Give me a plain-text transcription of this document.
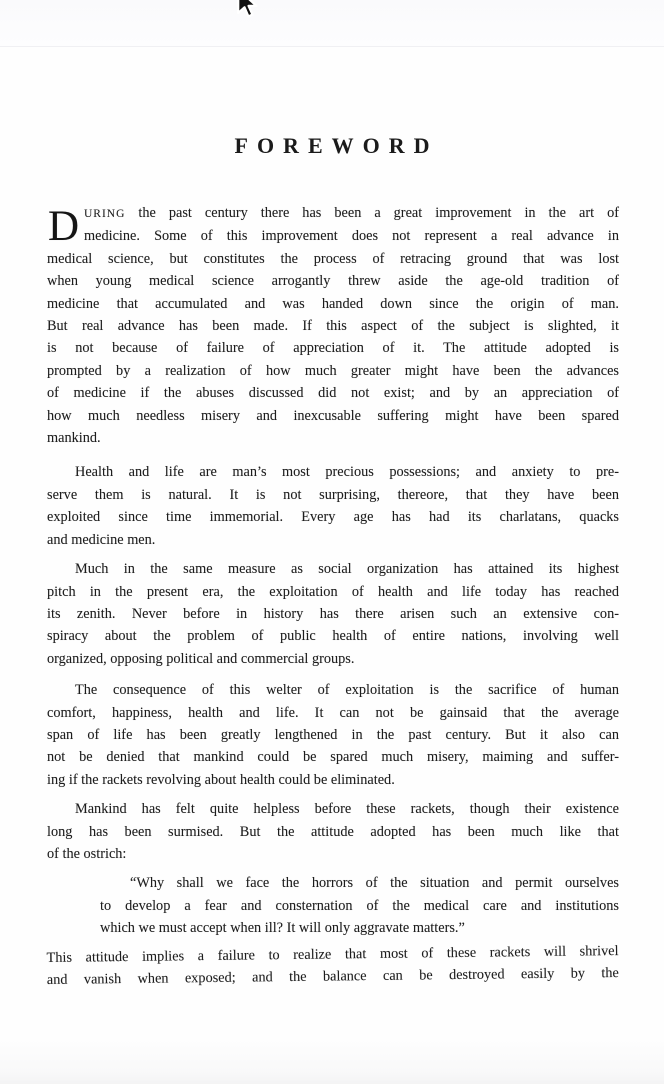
FOREWORD
D URING the past century there has been a great improvement in the art of
medicine. Some of this improvement does not represent a real advance in
medical science, but constitutes the process of retracing ground that was lost
when young medical science arrogantly threw aside the age-old tradition of
medicine that accumulated and was handed down since the origin of man.
But real advance has been made. If this aspect of the subject is slighted, it
is not because of failure of appreciation of it. The attitude adopted is
prompted by a realization of how much greater might have been the advances
of medicine if the abuses discussed did not exist; and by an appreciation of
how much needless misery and inexcusable suffering might have been spared
mankind.
Health and life are man’s most precious possessions; and anxiety to pre-
serve them is natural. It is not surprising, thereore, that they have been
exploited since time immemorial. Every age has had its charlatans, quacks
and medicine men.
Much in the same measure as social organization has attained its highest
pitch in the present era, the exploitation of health and life today has reached
its zenith. Never before in history has there arisen such an extensive con-
spiracy about the problem of public health of entire nations, involving well
organized, opposing political and commercial groups.
The consequence of this welter of exploitation is the sacrifice of human
comfort, happiness, health and life. It can not be gainsaid that the average
span of life has been greatly lengthened in the past century. But it also can
not be denied that mankind could be spared much misery, maiming and suffer-
ing if the rackets revolving about health could be eliminated.
Mankind has felt quite helpless before these rackets, though their existence
long has been surmised. But the attitude adopted has been much like that
of the ostrich:
“Why shall we face the horrors of the situation and permit ourselves
to develop a fear and consternation of the medical care and institutions
which we must accept when ill? It will only aggravate matters.”
This attitude implies a failure to realize that most of these rackets will shrivel
and vanish when exposed; and the balance can be destroyed easily by the
